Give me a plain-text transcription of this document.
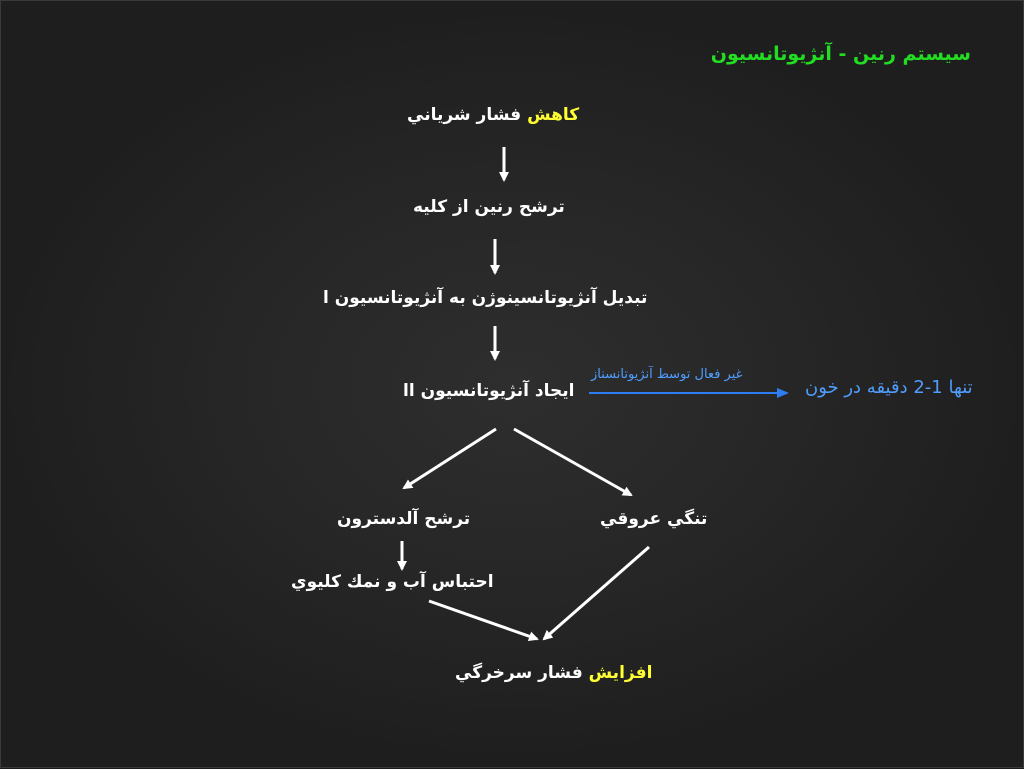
سيستم رنين - آنژيوتانسيون
كاهش فشار شرياني
ترشح رنين از كليه
تبديل آنژيوتانسينوژن به آنژيوتانسيون ا
ايجاد آنژيوتانسيون اا
غير فعال توسط آنژيوتانسناز
تنها 1-2 دقيقه در خون
ترشح آلدسترون	تنگي عروقي
احتباس آب و نمك كليوي
افزايش فشار سرخرگي
